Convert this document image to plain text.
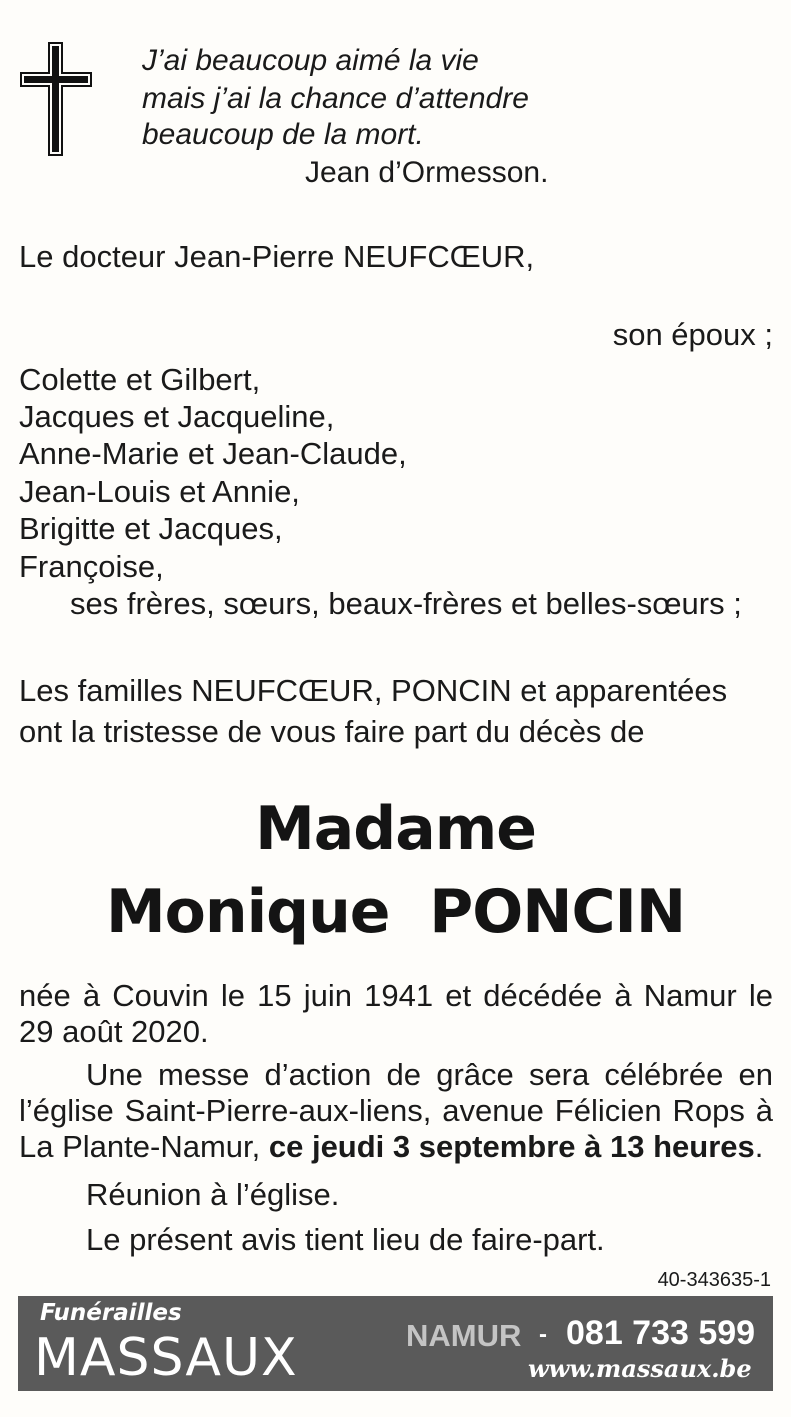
J’ai beaucoup aimé la vie

mais j’ai la chance d’attendre

beaucoup de la mort.

Jean d’Ormesson.

Le docteur Jean-Pierre NEUFCŒUR,

son époux ;

Colette et Gilbert,

Jacques et Jacqueline,

Anne-Marie et Jean-Claude,

Jean-Louis et Annie,

Brigitte et Jacques,

Françoise,

ses frères, sœurs, beaux-frères et belles-sœurs ;

Les familles NEUFCŒUR, PONCIN et apparentées

ont la tristesse de vous faire part du décès de

Madame

Monique  PONCIN

née à Couvin le 15 juin 1941 et décédée à Namur le 29 août 2020.

Une messe d’action de grâce sera célébrée en l’église Saint-Pierre-aux-liens, avenue Félicien Rops à La Plante-Namur, ce jeudi 3 septembre à 13 heures.

Réunion à l’église.

Le présent avis tient lieu de faire-part.

40-343635-1

Funérailles

MASSAUX	NAMUR - 081 733 599

www.massaux.be
